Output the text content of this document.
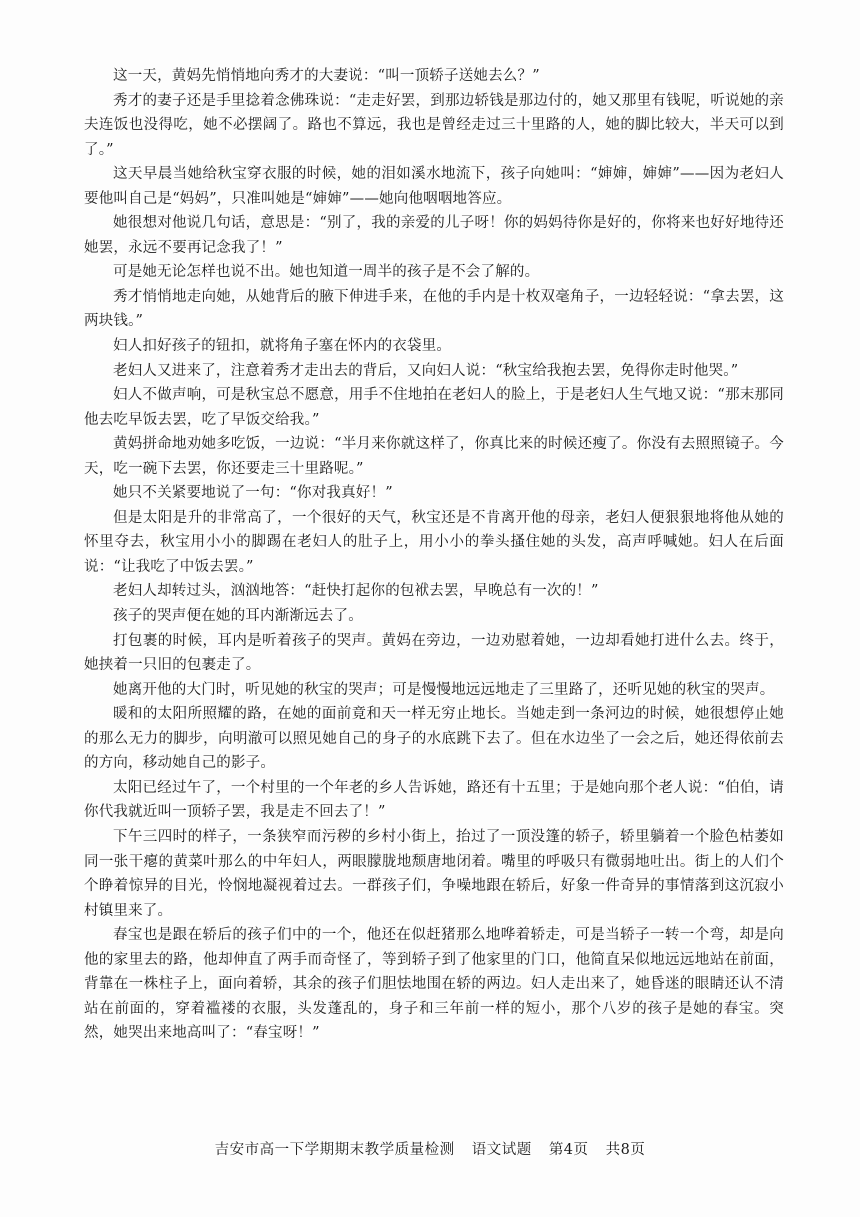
这一天，黄妈先悄悄地向秀才的大妻说：“叫一顶轿子送她去么？”

秀才的妻子还是手里捻着念佛珠说：“走走好罢，到那边轿钱是那边付的，她又那里有钱呢，听说她的亲夫连饭也没得吃，她不必摆阔了。路也不算远，我也是曾经走过三十里路的人，她的脚比较大，半天可以到了。”

这天早晨当她给秋宝穿衣服的时候，她的泪如溪水地流下，孩子向她叫：“婶婶，婶婶”——因为老妇人要他叫自己是“妈妈”，只准叫她是“婶婶”——她向他咽咽地答应。

她很想对他说几句话，意思是：“别了，我的亲爱的儿子呀！你的妈妈待你是好的，你将来也好好地待还她罢，永远不要再记念我了！”

可是她无论怎样也说不出。她也知道一周半的孩子是不会了解的。

秀才悄悄地走向她，从她背后的腋下伸进手来，在他的手内是十枚双毫角子，一边轻轻说：“拿去罢，这两块钱。”

妇人扣好孩子的钮扣，就将角子塞在怀内的衣袋里。

老妇人又进来了，注意着秀才走出去的背后，又向妇人说：“秋宝给我抱去罢，免得你走时他哭。”

妇人不做声响，可是秋宝总不愿意，用手不住地拍在老妇人的脸上，于是老妇人生气地又说：“那末那同他去吃早饭去罢，吃了早饭交给我。”

黄妈拼命地劝她多吃饭，一边说：“半月来你就这样了，你真比来的时候还瘦了。你没有去照照镜子。今天，吃一碗下去罢，你还要走三十里路呢。”

她只不关紧要地说了一句：“你对我真好！”

但是太阳是升的非常高了，一个很好的天气，秋宝还是不肯离开他的母亲，老妇人便狠狠地将他从她的怀里夺去，秋宝用小小的脚踢在老妇人的肚子上，用小小的拳头搔住她的头发，高声呼喊她。妇人在后面说：“让我吃了中饭去罢。”

老妇人却转过头，汹汹地答：“赶快打起你的包袱去罢，早晚总有一次的！”

孩子的哭声便在她的耳内渐渐远去了。

打包裹的时候，耳内是听着孩子的哭声。黄妈在旁边，一边劝慰着她，一边却看她打进什么去。终于，她挟着一只旧的包裹走了。

她离开他的大门时，听见她的秋宝的哭声；可是慢慢地远远地走了三里路了，还听见她的秋宝的哭声。

暖和的太阳所照耀的路，在她的面前竟和天一样无穷止地长。当她走到一条河边的时候，她很想停止她的那么无力的脚步，向明澈可以照见她自己的身子的水底跳下去了。但在水边坐了一会之后，她还得依前去的方向，移动她自己的影子。

太阳已经过午了，一个村里的一个年老的乡人告诉她，路还有十五里；于是她向那个老人说：“伯伯，请你代我就近叫一顶轿子罢，我是走不回去了！”

下午三四时的样子，一条狭窄而污秽的乡村小街上，抬过了一顶没篷的轿子，轿里躺着一个脸色枯萎如同一张干瘪的黄菜叶那么的中年妇人，两眼朦胧地颓唐地闭着。嘴里的呼吸只有微弱地吐出。街上的人们个个睁着惊异的目光，怜悯地凝视着过去。一群孩子们，争噪地跟在轿后，好象一件奇异的事情落到这沉寂小村镇里来了。

春宝也是跟在轿后的孩子们中的一个，他还在似赶猪那么地哗着轿走，可是当轿子一转一个弯，却是向他的家里去的路，他却伸直了两手而奇怪了，等到轿子到了他家里的门口，他简直呆似地远远地站在前面，背靠在一株柱子上，面向着轿，其余的孩子们胆怯地围在轿的两边。妇人走出来了，她昏迷的眼睛还认不清站在前面的，穿着褴褛的衣服，头发蓬乱的，身子和三年前一样的短小，那个八岁的孩子是她的春宝。突然，她哭出来地高叫了：“春宝呀！”

吉安市高一下学期期末教学质量检测 语文试题 第4页 共8页
